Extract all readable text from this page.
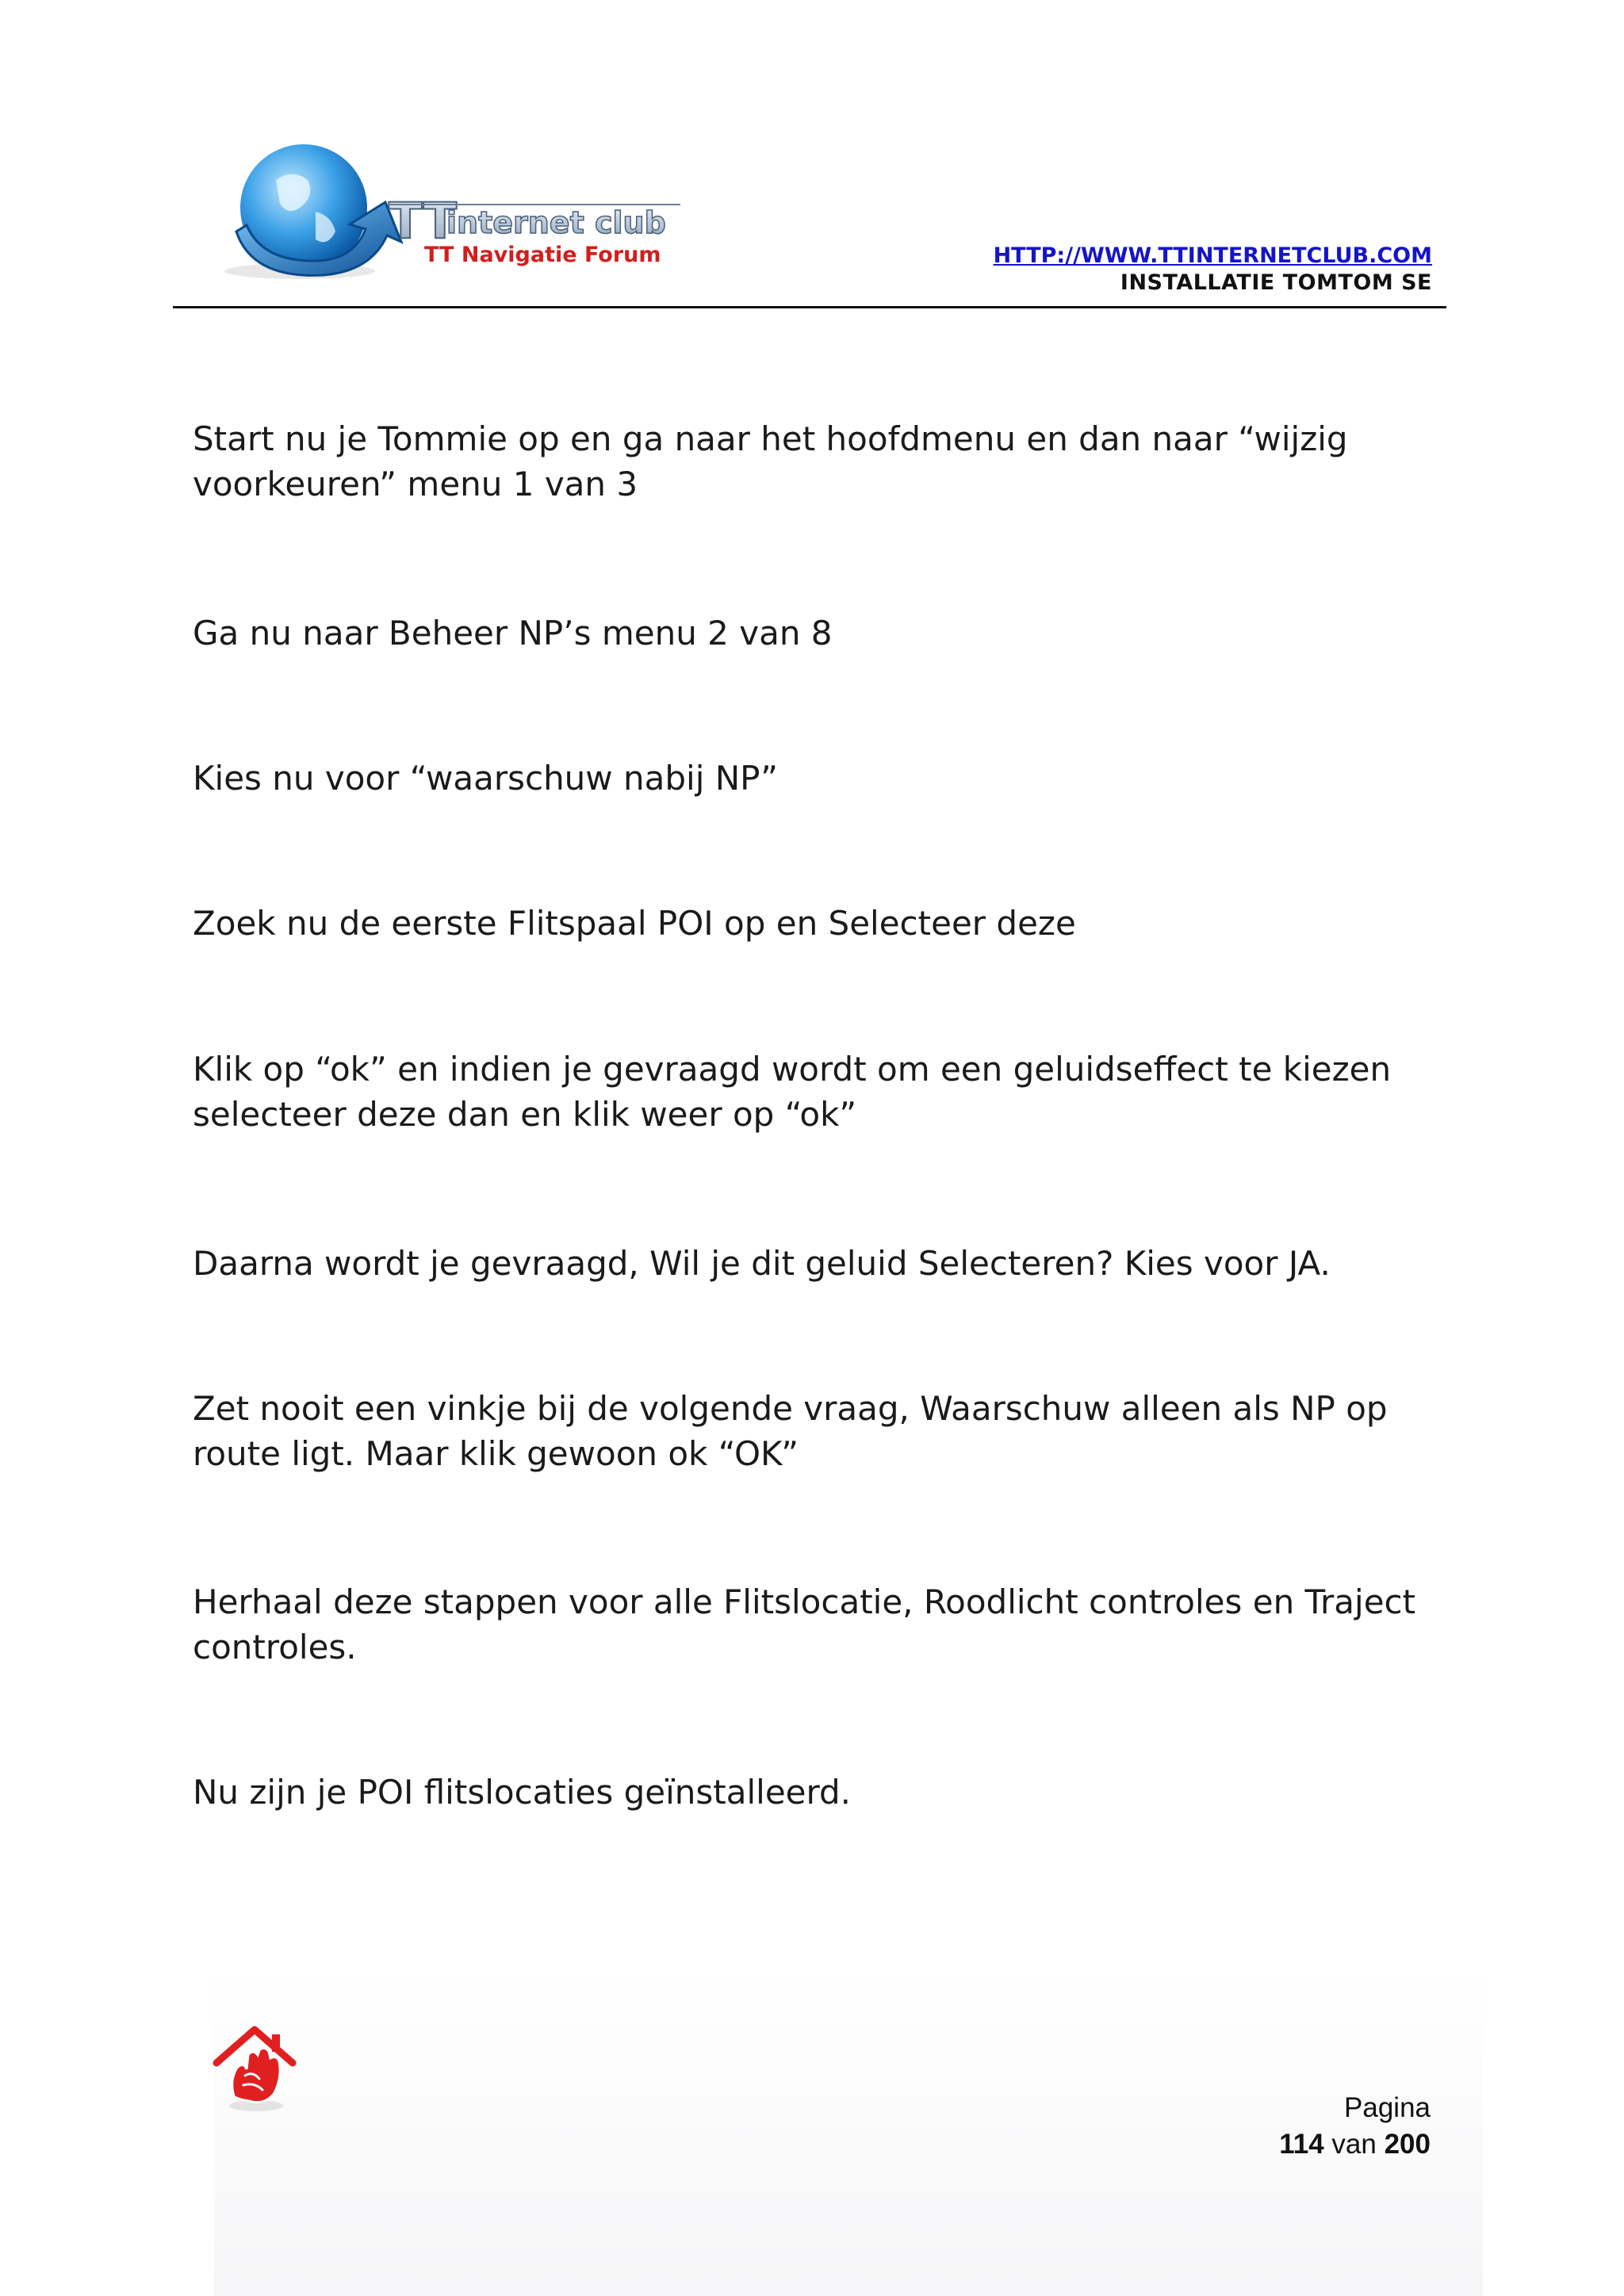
TT
internet club
TT Navigatie Forum	HTTP://WWW.TTINTERNETCLUB.COM
INSTALLATIE TOMTOM SE
Start nu je Tommie op en ga naar het hoofdmenu en dan naar “wijzig
voorkeuren” menu 1 van 3
Ga nu naar Beheer NP’s menu 2 van 8
Kies nu voor “waarschuw nabij NP”
Zoek nu de eerste Flitspaal POI op en Selecteer deze
Klik op “ok” en indien je gevraagd wordt om een geluidseffect te kiezen
selecteer deze dan en klik weer op “ok”
Daarna wordt je gevraagd, Wil je dit geluid Selecteren? Kies voor JA.
Zet nooit een vinkje bij de volgende vraag, Waarschuw alleen als NP op
route ligt. Maar klik gewoon ok “OK”
Herhaal deze stappen voor alle Flitslocatie, Roodlicht controles en Traject
controles.
Nu zijn je POI flitslocaties geïnstalleerd.
Pagina
114 van 200
